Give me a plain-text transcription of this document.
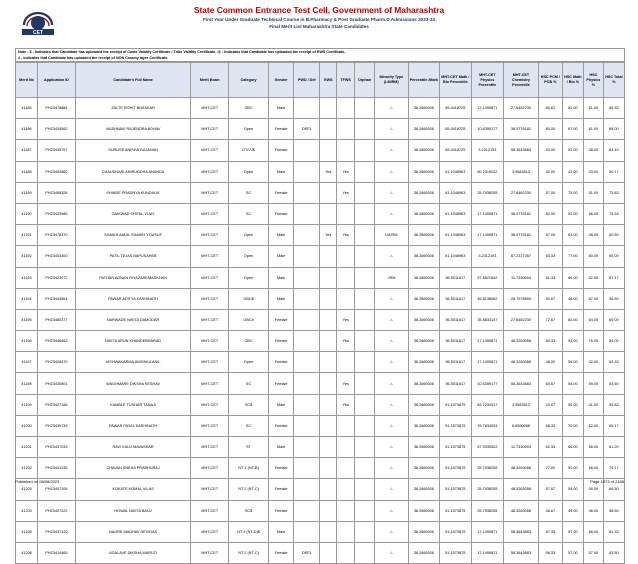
CET
State Common Entrance Test Cell, Government of Maharashtra
First Year Under Graduate Technical Course in B.Pharmacy & Post Graduate Pharm.D Admissions 2023-24
Final Merit List Maharashtra State Candidates
Note : $ - Indicates that Candidate has uploaded the receipt of Caste Validity Certificate / Tribe Validity Certificate, @ - Indicates that Candidate has uploaded the receipt of EWS Certificate,
# - Indicates that Candidate has uploaded the receipt of NON Creamy layer Certificate.
Merit No	Application ID	Candidate's Full Name	Merit Exam	Category	Gender	PWD / Def	EWS	TFWS	Orphan	Minority Type (LM/RM)	Percentile /Mark	MHT-CET Math / Bio Percentile	MHT-CET Physics Percentile	MHT-CET Chemistry Percentile	HSC PCM / PCB %	HSC Math / Bio %	HSC Physics %	HSC Total %
41185	PH23478884	ZALTE ROHIT BHASKAR	MHT-CET	OBC	Male					-/-	38.2669306	65.4418725	17.1499871	27.6482230	80.67	82.00	51.00	65.33
41186	PH23434562	VAISHNAVI RAJENDRA ADHAV	MHT-CET	Open	Female	DEF1				-/-	38.2669306	65.4418725	10.6359177	38.0776181	80.00	67.00	61.00	68.00
41187	PH23445797	SURUSE ANISHA GAJANAN	MHT-CET	DT/VJ$	Female					-/-	38.2669306	65.4418725	3.2312193	58.3643683	43.00	52.00	38.00	64.15
41188	PH23452860	CHAUDHARI ANIRUDDHA ANANDA	MHT-CET	Open	Male		Yes	Yes		-/-	38.2669306	61.1048963	50.2319022	3.9583513	42.00	42.00	43.00	50.17
41189	PH23406328	SHINDE PRADNYA KUNDALIK	MHT-CET	SC	Female			Yes		-/-	38.2669306	61.1048963	25.7938255	27.6482230	57.00	75.00	51.00	73.83
41190	PH23425985	GAIKWAD SHITAL VIJAY	MHT-CET	SC	Female					-/-	38.2669306	61.1048963	17.1499871	38.0776181	82.00	92.00	66.00	79.33
41191	PH23478370	SHAIKH AADIL SHAIKH YOUSUF	MHT-CET	Open	Male		Yes	Yes		LM/RM	38.2669306	61.1048963	17.1499871	38.0776181	57.00	63.00	48.00	60.50
41192	PH23403400	PATIL TEJAS BAPUSAHEB	MHT-CET	Open	Male					-/-	38.2669306	61.1048963	3.2312193	67.2317357	63.33	77.00	60.00	65.00
41193	PH23423072	PATHAN ADNAN RIYAZAHEMADKHAN	MHT-CET	Open	Male					-/RM	38.2669306	56.5011617	57.8521642	11.7330694	61.33	66.00	52.00	67.17
41194	PH23443561	PAWAR ADITYA KASHINATH	MHT-CET	OBC$	Male					-/-	38.2669306	56.5011617	46.8138062	28.7978659	50.67	48.00	57.00	56.50
41195	PH23480377	NARWADE NIKITA DAMODAR	MHT-CET	OBC#	Female			Yes		-/-	38.2669306	56.5011617	35.8833147	27.6482230	72.67	82.00	64.00	69.00
41196	PH23446462	NIKITA ARUN KHANDEBHARAD	MHT-CET	OBC	Female			Yes		-/-	38.2669306	56.5011617	17.1499871	48.3263058	84.33	93.00	76.00	84.00
41197	PH23428470	VISHWAKARMA ANSHIKA ANIL	MHT-CET	Open	Female					-/-	38.2669306	56.5011617	17.1499871	48.3263058	48.00	59.00	42.00	63.33
41198	PH23430801	WAGHMARE DIKSHA KESHAV	MHT-CET	SC	Female			Yes		-/-	38.2669306	56.5011617	10.6359177	58.3643683	60.67	54.00	59.00	63.50
41199	PH23427156	KAMBLE TUSHAR TANAJI	MHT-CET	SC$	Male			Yes		-/-	38.2669306	51.1573875	83.7234317	3.9583513	44.67	55.00	41.00	55.83
41200	PH23439739	PAWAR PAYAL KASHINATH	MHT-CET	SC	Female					-/-	38.2669306	51.1573875	76.7834093	6.8990968	68.33	70.00	62.00	65.17
41201	PH23437033	RAVI KALU MAVASKAR	MHT-CET	ST	Male					-/-	38.2669306	51.1573875	67.9330522	11.7330694	62.33	66.00	66.00	61.20
41202	PH23441235	CHAVAN SNEHA PRABHURAJ	MHT-CET	NT 1 (NT-B)	Female					-/-	38.2669306	51.1573875	25.7938255	48.3263058	77.00	90.00	66.00	79.17
41203	PH23407106	KOKATE KOMAL VILAS	MHT-CET	NT 2 (NT-C)	Female					-/-	38.2669306	51.1573875	25.7938255	48.3263058	57.67	54.00	59.00	66.50
41204	PH23407222	HOWAL NIKITA BALU	MHT-CET	SC$	Female					-/-	38.2669306	51.1573875	25.7938255	48.3263058	46.67	44.00	46.00	58.50
41205	PH23437120	NAGRE MADHAV DEVIDAS	MHT-CET	NT 3 (NT-D)$	Male					-/-	38.2669306	51.1573875	17.1499871	58.3643683	87.33	97.00	86.00	81.33
41206	PH23414465	AGALAVE DIKSHA MARUTI	MHT-CET	NT 2 (NT-C)	Female	DEF1				-/-	38.2669306	51.1573875	17.1499871	58.3643683	56.33	57.00	57.00	63.50
Published on 08/08/2023	Page 1873 of 2188
